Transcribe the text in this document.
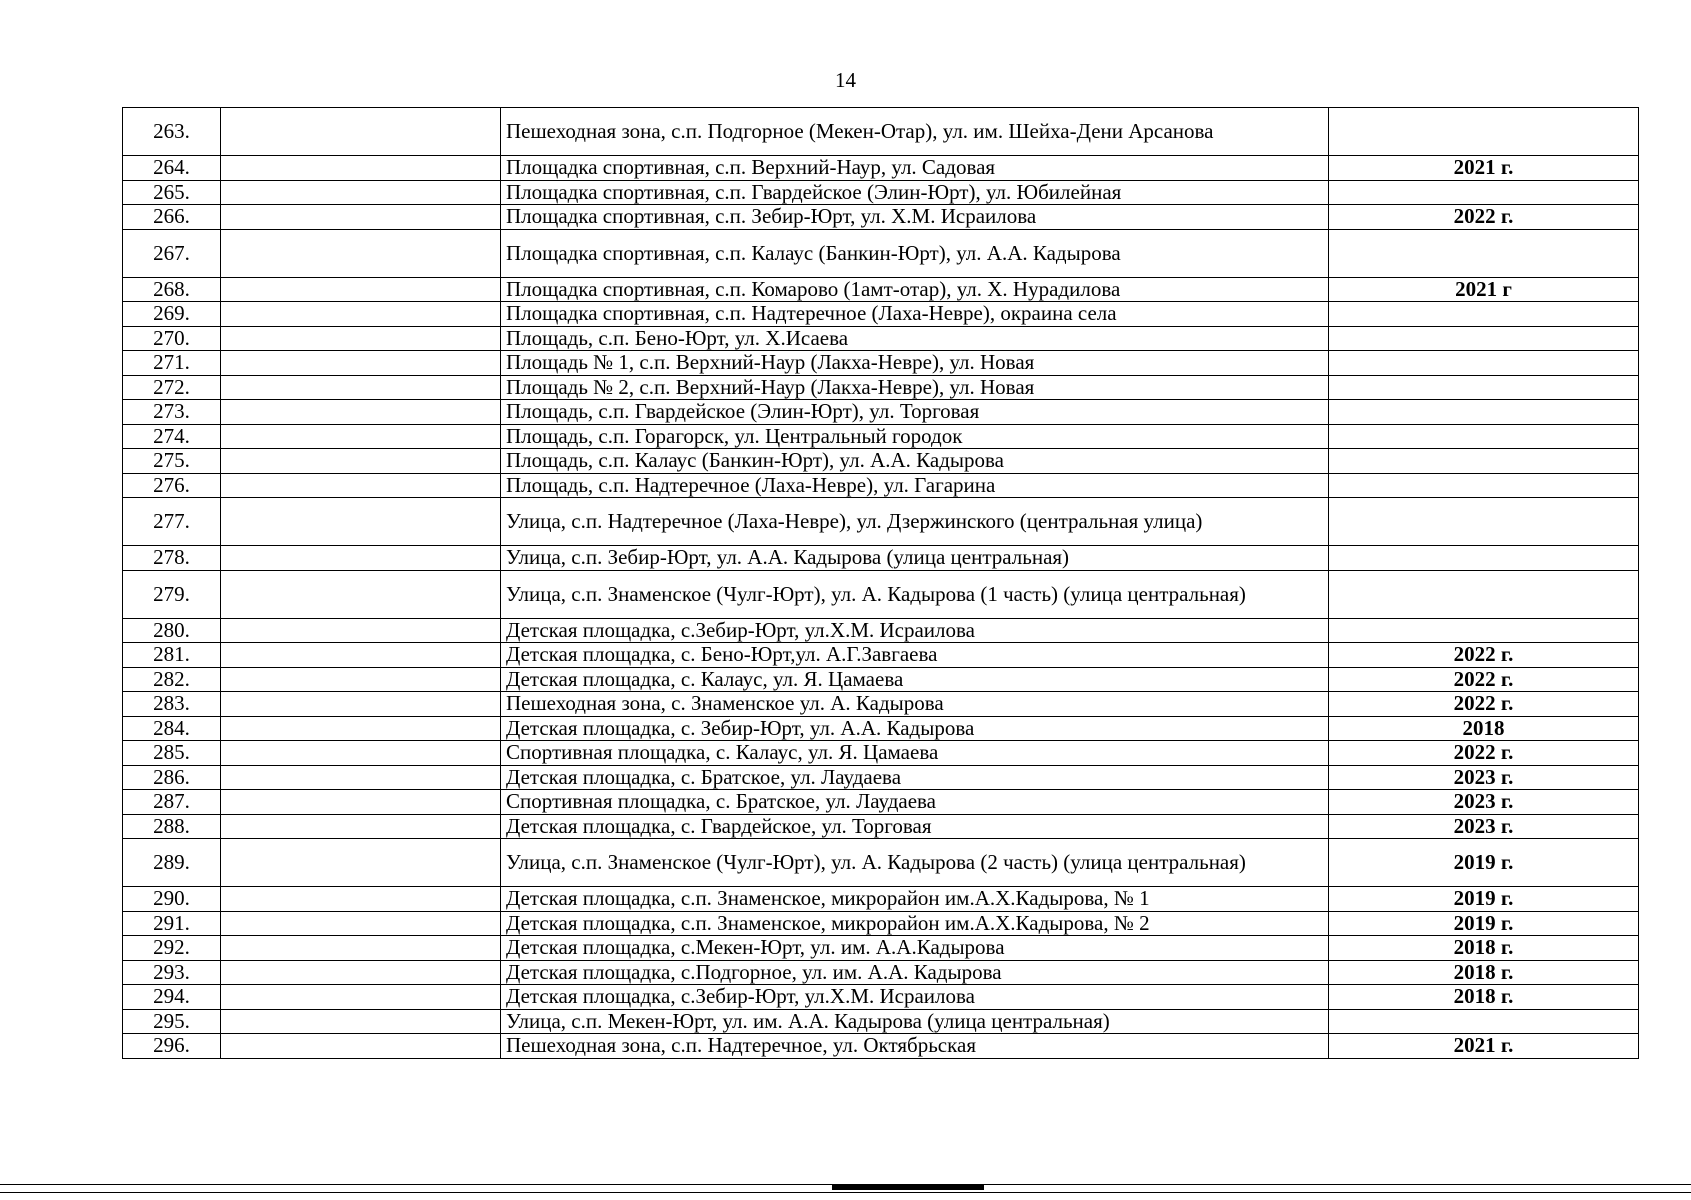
14
263.		Пешеходная зона, с.п. Подгорное (Мекен-Отар), ул. им. Шейха-Дени Арсанова	
264.		Площадка спортивная, с.п. Верхний-Наур, ул. Садовая	2021 г.
265.		Площадка спортивная, с.п. Гвардейское (Элин-Юрт), ул. Юбилейная	
266.		Площадка спортивная, с.п. Зебир-Юрт, ул. Х.М. Исраилова	2022 г.
267.		Площадка спортивная, с.п. Калаус (Банкин-Юрт), ул. А.А. Кадырова	
268.		Площадка спортивная, с.п. Комарово (1амт-отар), ул. Х. Нурадилова	2021 г
269.		Площадка спортивная, с.п. Надтеречное (Лаха-Невре), окраина села	
270.		Площадь, с.п. Бено-Юрт, ул. Х.Исаева	
271.		Площадь № 1, с.п. Верхний-Наур (Лакха-Невре), ул. Новая	
272.		Площадь № 2, с.п. Верхний-Наур (Лакха-Невре), ул. Новая	
273.		Площадь, с.п. Гвардейское (Элин-Юрт), ул. Торговая	
274.		Площадь, с.п. Горагорск, ул. Центральный городок	
275.		Площадь, с.п. Калаус (Банкин-Юрт), ул. А.А. Кадырова	
276.		Площадь, с.п. Надтеречное (Лаха-Невре), ул. Гагарина	
277.		Улица, с.п. Надтеречное (Лаха-Невре), ул. Дзержинского (центральная улица)	
278.		Улица, с.п. Зебир-Юрт, ул. А.А. Кадырова (улица центральная)	
279.		Улица, с.п. Знаменское (Чулг-Юрт), ул. А. Кадырова (1 часть) (улица центральная)	
280.		Детская площадка, с.Зебир-Юрт, ул.Х.М. Исраилова	
281.		Детская площадка, с. Бено-Юрт,ул. А.Г.Завгаева	2022 г.
282.		Детская площадка, с. Калаус, ул. Я. Цамаева	2022 г.
283.		Пешеходная зона, с. Знаменское ул. А. Кадырова	2022 г.
284.		Детская площадка, с. Зебир-Юрт, ул. А.А. Кадырова	2018
285.		Спортивная площадка, с. Калаус, ул. Я. Цамаева	2022 г.
286.		Детская площадка, с. Братское, ул. Лаудаева	2023 г.
287.		Спортивная площадка, с. Братское, ул. Лаудаева	2023 г.
288.		Детская площадка, с. Гвардейское, ул. Торговая	2023 г.
289.		Улица, с.п. Знаменское (Чулг-Юрт), ул. А. Кадырова (2 часть) (улица центральная)	2019 г.
290.		Детская площадка, с.п. Знаменское, микрорайон им.А.Х.Кадырова, № 1	2019 г.
291.		Детская площадка, с.п. Знаменское, микрорайон им.А.Х.Кадырова, № 2	2019 г.
292.		Детская площадка, с.Мекен-Юрт, ул. им. А.А.Кадырова	2018 г.
293.		Детская площадка, с.Подгорное, ул. им. А.А. Кадырова	2018 г.
294.		Детская площадка, с.Зебир-Юрт, ул.Х.М. Исраилова	2018 г.
295.		Улица, с.п. Мекен-Юрт, ул. им. А.А. Кадырова (улица центральная)	
296.		Пешеходная зона, с.п. Надтеречное, ул. Октябрьская	2021 г.
